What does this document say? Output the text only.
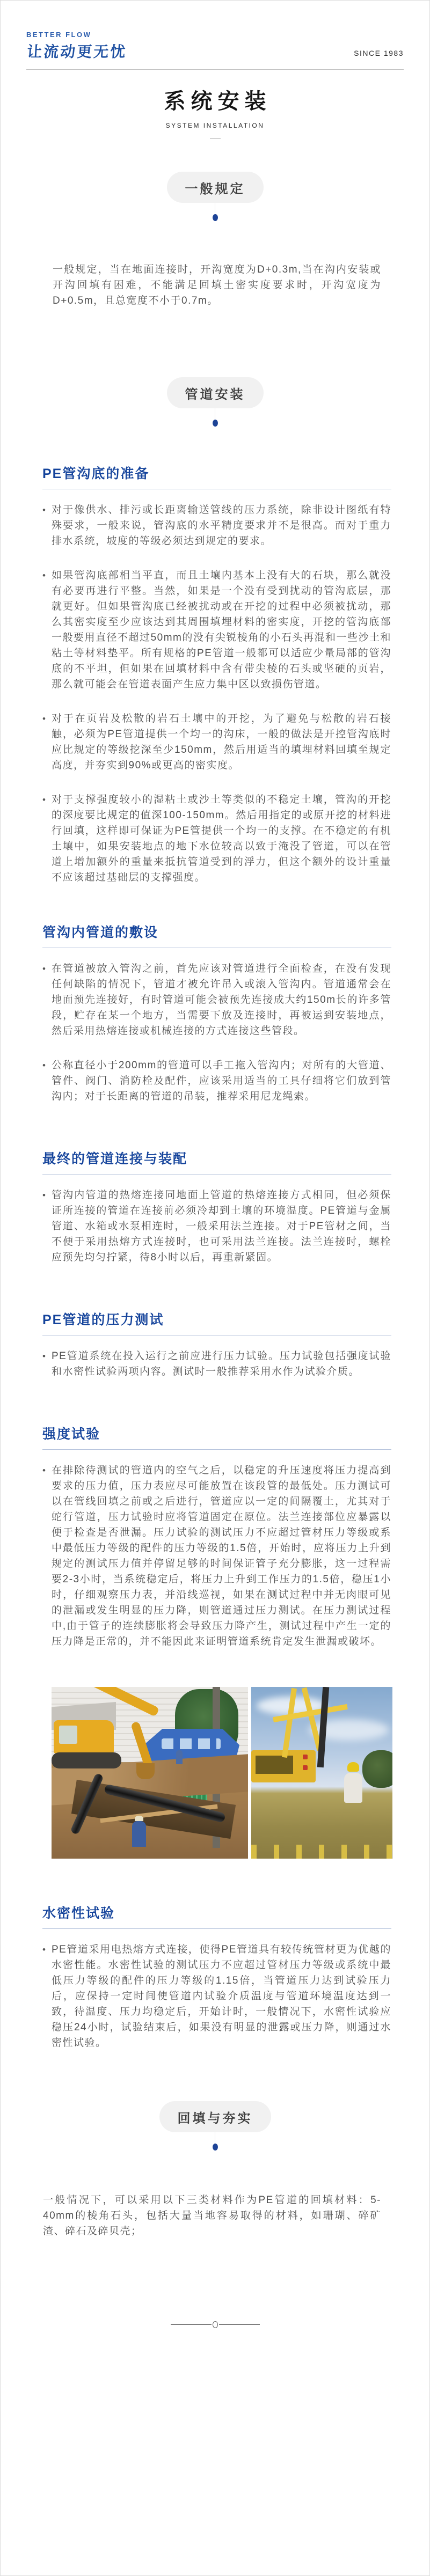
BETTER FLOW
让流动更无忧	SINCE 1983
系统安装
SYSTEM INSTALLATION
一般规定

一般规定，当在地面连接时，开沟宽度为D+0.3m,当在沟内安装或开沟回填有困难，不能满足回填土密实度要求时，开沟宽度为D+0.5m，且总宽度不小于0.7m。

管道安装
PE管沟底的准备
• 对于像供水、排污或长距离输送管线的压力系统，除非设计图纸有特殊要求，一般来说，管沟底的水平精度要求并不是很高。而对于重力排水系统，坡度的等级必须达到规定的要求。
• 如果管沟底部相当平直，而且土壤内基本上没有大的石块，那么就没有必要再进行平整。当然，如果是一个没有受到扰动的管沟底层，那就更好。但如果管沟底已经被扰动或在开挖的过程中必须被扰动，那么其密实度至少应该达到其周围填埋材料的密实度，开挖的管沟底部一般要用直径不超过50mm的没有尖锐棱角的小石头再混和一些沙土和粘土等材料垫平。所有规格的PE管道一般都可以适应少量局部的管沟底的不平坦，但如果在回填材料中含有带尖棱的石头或坚硬的页岩，那么就可能会在管道表面产生应力集中区以致损伤管道。
• 对于在页岩及松散的岩石土壤中的开挖，为了避免与松散的岩石接触，必须为PE管道提供一个均一的沟床，一般的做法是开控管沟底时应比规定的等级挖深至少150mm，然后用适当的填埋材料回填至规定高度，并夯实到90%或更高的密实度。
• 对于支撑强度较小的湿粘土或沙土等类似的不稳定土壤，管沟的开挖的深度要比规定的值深100-150mm。然后用指定的或原开挖的材料进行回填，这样即可保证为PE管提供一个均一的支撑。在不稳定的有机土壤中，如果安装地点的地下水位较高以致于淹没了管道，可以在管道上增加额外的重量来抵抗管道受到的浮力，但这个额外的设计重量不应该超过基础层的支撑强度。
管沟内管道的敷设
• 在管道被放入管沟之前，首先应该对管道进行全面检查，在没有发现任何缺陷的情况下，管道才被允许吊入或滚入管沟内。管道通常会在地面预先连接好，有时管道可能会被预先连接成大约150m长的许多管段，贮存在某一个地方，当需要下放及连接时，再被运到安装地点，然后采用热熔连接或机械连接的方式连接这些管段。
• 公称直径小于200mm的管道可以手工拖入管沟内；对所有的大管道、管件、阀门、消防栓及配件，应该采用适当的工具仔细将它们放到管沟内；对于长距离的管道的吊装，推荐采用尼龙绳索。
最终的管道连接与装配
• 管沟内管道的热熔连接同地面上管道的热熔连接方式相同，但必须保证所连接的管道在连接前必须冷却到土壤的环境温度。PE管道与金属管道、水箱或水泵相连时，一般采用法兰连接。对于PE管材之间，当不便于采用热熔方式连接时，也可采用法兰连接。法兰连接时，螺栓应预先均匀拧紧，待8小时以后，再重新紧固。
PE管道的压力测试
• PE管道系统在投入运行之前应进行压力试验。压力试验包括强度试验和水密性试验两项内容。测试时一般推荐采用水作为试验介质。
强度试验
• 在排除待测试的管道内的空气之后，以稳定的升压速度将压力提高到要求的压力值，压力表应尽可能放置在该段管的最低处。压力测试可以在管线回填之前或之后进行，管道应以一定的间隔覆土，尤其对于蛇行管道，压力试验时应将管道固定在原位。法兰连接部位应暴露以便于检查是否泄漏。压力试验的测试压力不应超过管材压力等级或系中最低压力等级的配件的压力等级的1.5倍，开始时，应将压力上升到规定的测试压力值并停留足够的时间保证管子充分膨胀，这一过程需要2-3小时，当系统稳定后，将压力上升到工作压力的1.5倍，稳压1小时，仔细观察压力表，并沿线巡视，如果在测试过程中并无肉眼可见的泄漏或发生明显的压力降，则管道通过压力测试。在压力测试过程中,由于管子的连续膨胀将会导致压力降产生，测试过程中产生一定的压力降是正常的，并不能因此来证明管道系统肯定发生泄漏或破坏。
水密性试验
• PE管道采用电热熔方式连接，使得PE管道具有较传统管材更为优越的水密性能。水密性试验的测试压力不应超过管材压力等级或系统中最低压力等级的配件的压力等级的1.15倍，当管道压力达到试验压力后，应保持一定时间使管道内试验介质温度与管道环境温度达到一致，待温度、压力均稳定后，开始计时，一般情况下，水密性试验应稳压24小时，试验结束后，如果没有明显的泄露或压力降，则通过水密性试验。
回填与夯实

一般情况下，可以采用以下三类材料作为PE管道的回填材料：5-40mm的棱角石头，包括大量当地容易取得的材料，如珊瑚、碎矿渣、碎石及碎贝壳；
